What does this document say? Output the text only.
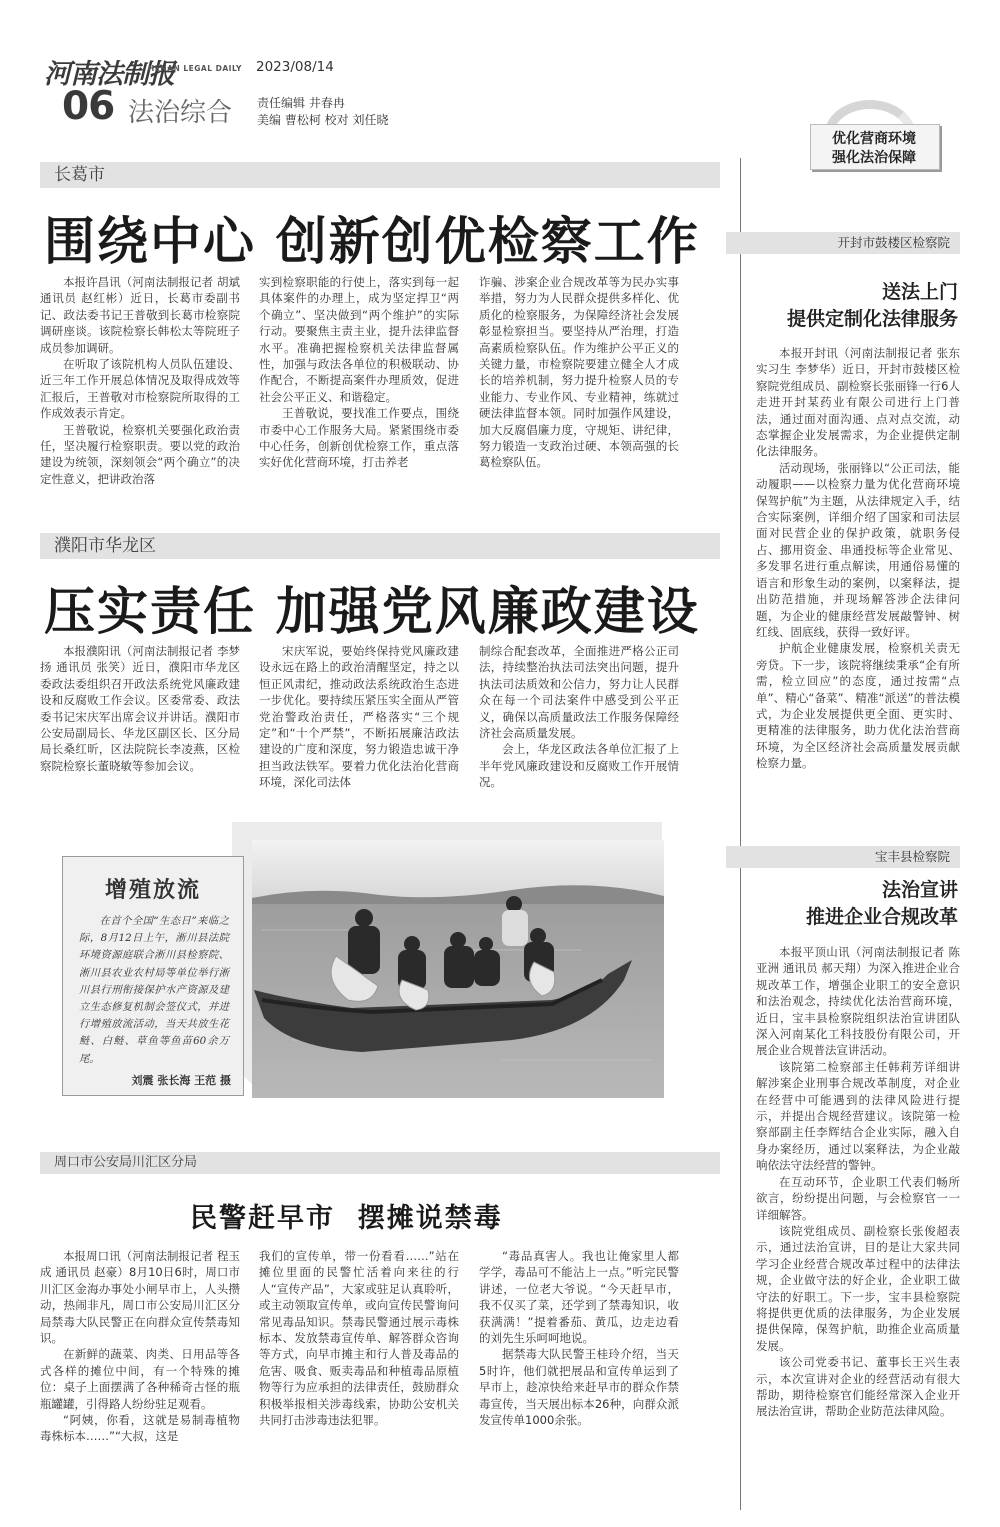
河南法制报
HENAN LEGAL DAILY 2023/08/14
06 法治综合 责任编辑 井春冉
美编 曹松柯 校对 刘任晓
优化营商环境
强化法治保障
长葛市
围绕中心 创新创优检察工作

本报许昌讯（河南法制报记者 胡斌 通讯员 赵红彬）近日，长葛市委副书记、政法委书记王普敬到长葛市检察院调研座谈。该院检察长韩松太等院班子成员参加调研。

在听取了该院机构人员队伍建设、近三年工作开展总体情况及取得成效等汇报后，王普敬对市检察院所取得的工作成效表示肯定。

王普敬说，检察机关要强化政治责任，坚决履行检察职责。要以党的政治建设为统领，深刻领会“两个确立”的决定性意义，把讲政治落

实到检察职能的行使上，落实到每一起具体案件的办理上，成为坚定捍卫“两个确立”、坚决做到“两个维护”的实际行动。要聚焦主责主业，提升法律监督水平。准确把握检察机关法律监督属性，加强与政法各单位的积极联动、协作配合，不断提高案件办理质效，促进社会公平正义、和谐稳定。

王普敬说，要找准工作要点，围绕市委中心工作服务大局。紧紧围绕市委中心任务，创新创优检察工作，重点落实好优化营商环境，打击养老

诈骗、涉案企业合规改革等为民办实事举措，努力为人民群众提供多样化、优质化的检察服务，为保障经济社会发展彰显检察担当。要坚持从严治理，打造高素质检察队伍。作为维护公平正义的关键力量，市检察院要建立健全人才成长的培养机制，努力提升检察人员的专业能力、专业作风、专业精神，练就过硬法律监督本领。同时加强作风建设，加大反腐倡廉力度，守规矩、讲纪律，努力锻造一支政治过硬、本领高强的长葛检察队伍。

濮阳市华龙区
压实责任 加强党风廉政建设

本报濮阳讯（河南法制报记者 李梦扬 通讯员 张笑）近日，濮阳市华龙区委政法委组织召开政法系统党风廉政建设和反腐败工作会议。区委常委、政法委书记宋庆军出席会议并讲话。濮阳市公安局副局长、华龙区副区长、区分局局长桑红昕，区法院院长李凌燕，区检察院检察长董晓敏等参加会议。

宋庆军说，要始终保持党风廉政建设永远在路上的政治清醒坚定，持之以恒正风肃纪，推动政法系统政治生态进一步优化。要持续压紧压实全面从严管党治警政治责任，严格落实“三个规定”和“十个严禁”，不断拓展廉洁政法建设的广度和深度，努力锻造忠诚干净担当政法铁军。要着力优化法治化营商环境，深化司法体

制综合配套改革，全面推进严格公正司法，持续整治执法司法突出问题，提升执法司法质效和公信力，努力让人民群众在每一个司法案件中感受到公平正义，确保以高质量政法工作服务保障经济社会高质量发展。

会上，华龙区政法各单位汇报了上半年党风廉政建设和反腐败工作开展情况。

增殖放流

在首个全国“生态日”来临之际，8月12日上午，淅川县法院环境资源庭联合淅川县检察院、淅川县农业农村局等单位举行淅川县行刑衔接保护水产资源及建立生态修复机制会签仪式，并进行增殖放流活动，当天共放生花鲢、白鲢、草鱼等鱼苗60余万尾。

刘震 张长海 王范 摄
周口市公安局川汇区分局
民警赶早市  摆摊说禁毒

本报周口讯（河南法制报记者 程玉成 通讯员 赵豪）8月10日6时，周口市川汇区金海办事处小闸早市上，人头攒动，热闹非凡，周口市公安局川汇区分局禁毒大队民警正在向群众宣传禁毒知识。

在新鲜的蔬菜、肉类、日用品等各式各样的摊位中间，有一个特殊的摊位：桌子上面摆满了各种稀奇古怪的瓶瓶罐罐，引得路人纷纷驻足观看。

“阿姨，你看，这就是易制毒植物毒株标本……”“大叔，这是

我们的宣传单，带一份看看……”站在摊位里面的民警忙活着向来往的行人“宣传产品”，大家或驻足认真聆听，或主动领取宣传单，或向宣传民警询问常见毒品知识。禁毒民警通过展示毒株标本、发放禁毒宣传单、解答群众咨询等方式，向早市摊主和行人普及毒品的危害、吸食、贩卖毒品和种植毒品原植物等行为应承担的法律责任，鼓励群众积极举报相关涉毒线索，协助公安机关共同打击涉毒违法犯罪。

“毒品真害人。我也让俺家里人都学学，毒品可不能沾上一点。”听完民警讲述，一位老大爷说。“今天赶早市，我不仅买了菜，还学到了禁毒知识，收获满满！”提着番茄、黄瓜，边走边看的刘先生乐呵呵地说。

据禁毒大队民警王桂玲介绍，当天5时许，他们就把展品和宣传单运到了早市上，趁凉快给来赶早市的群众作禁毒宣传，当天展出标本26种，向群众派发宣传单1000余张。

开封市鼓楼区检察院
送法上门
提供定制化法律服务

本报开封讯（河南法制报记者 张东 实习生 李梦华）近日，开封市鼓楼区检察院党组成员、副检察长张丽锋一行6人走进开封某药业有限公司进行上门普法，通过面对面沟通、点对点交流，动态掌握企业发展需求，为企业提供定制化法律服务。

活动现场，张丽锋以“公正司法，能动履职——以检察力量为优化营商环境保驾护航”为主题，从法律规定入手，结合实际案例，详细介绍了国家和司法层面对民营企业的保护政策，就职务侵占、挪用资金、串通投标等企业常见、多发罪名进行重点解读，用通俗易懂的语言和形象生动的案例，以案释法，提出防范措施，并现场解答涉企法律问题，为企业的健康经营发展敲警钟、树红线、固底线，获得一致好评。

护航企业健康发展，检察机关责无旁贷。下一步，该院将继续秉承“企有所需，检立回应”的态度，通过按需“点单”、精心“备菜”、精准“派送”的普法模式，为企业发展提供更全面、更实时、更精准的法律服务，助力优化法治营商环境，为全区经济社会高质量发展贡献检察力量。

宝丰县检察院
法治宣讲
推进企业合规改革

本报平顶山讯（河南法制报记者 陈亚洲 通讯员 郝天翔）为深入推进企业合规改革工作，增强企业职工的安全意识和法治观念，持续优化法治营商环境，近日，宝丰县检察院组织法治宣讲团队深入河南某化工科技股份有限公司，开展企业合规普法宣讲活动。

该院第二检察部主任韩莉芳详细讲解涉案企业刑事合规改革制度，对企业在经营中可能遇到的法律风险进行提示，并提出合规经营建议。该院第一检察部副主任李辉结合企业实际，融入自身办案经历，通过以案释法，为企业敲响依法守法经营的警钟。

在互动环节，企业职工代表们畅所欲言，纷纷提出问题，与会检察官一一详细解答。

该院党组成员、副检察长张俊超表示，通过法治宣讲，目的是让大家共同学习企业经营合规改革过程中的法律法规，企业做守法的好企业，企业职工做守法的好职工。下一步，宝丰县检察院将提供更优质的法律服务，为企业发展提供保障，保驾护航，助推企业高质量发展。

该公司党委书记、董事长王兴生表示，本次宣讲对企业的经营活动有很大帮助，期待检察官们能经常深入企业开展法治宣讲，帮助企业防范法律风险。
